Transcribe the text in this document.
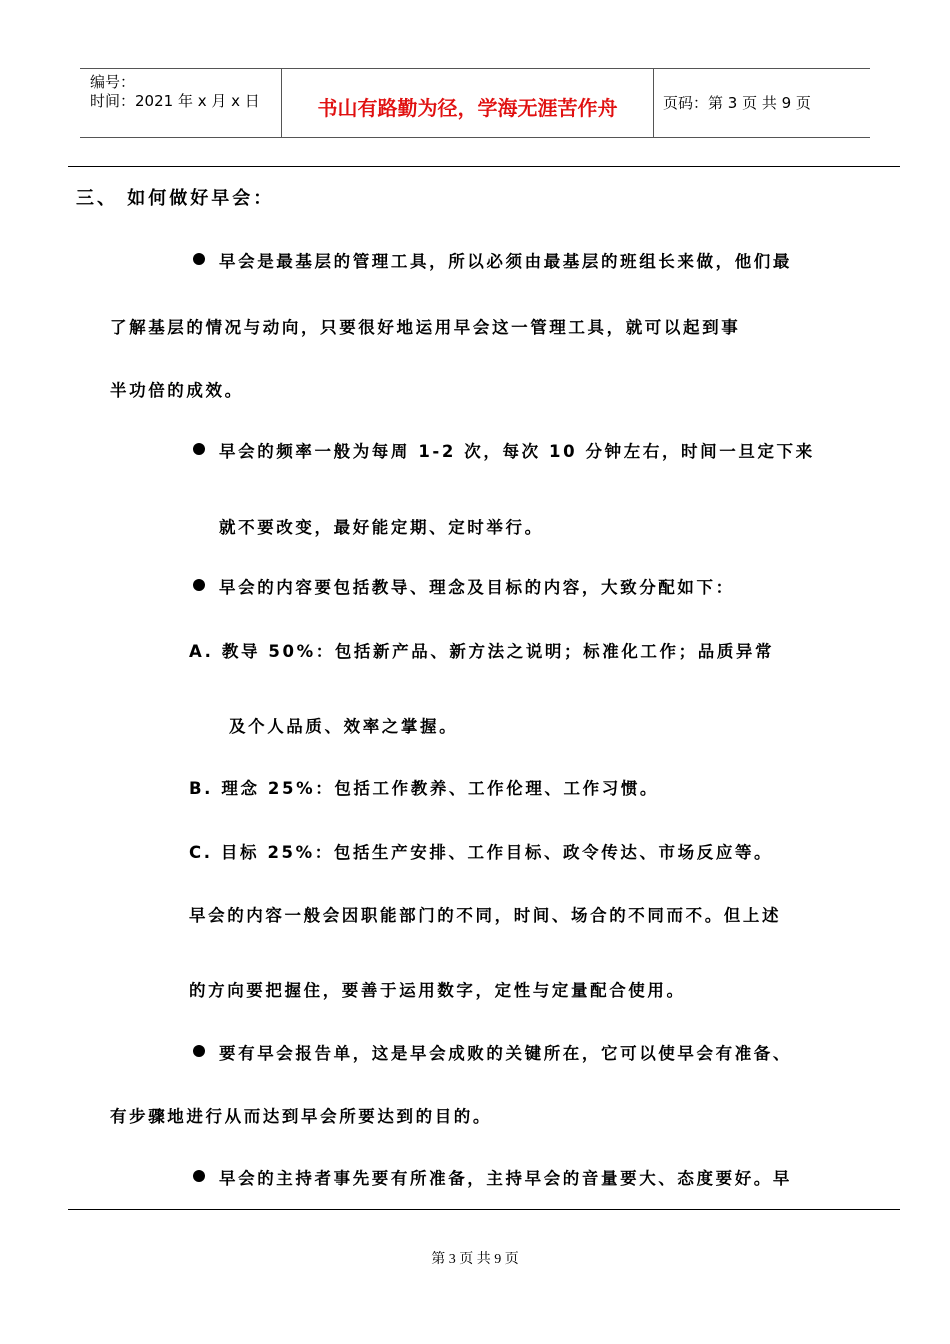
编号：
时间：2021 年 x 月 x 日	书山有路勤为径，学海无涯苦作舟	页码：第 3 页 共 9 页
三、 如何做好早会：
早会是最基层的管理工具，所以必须由最基层的班组长来做，他们最
了解基层的情况与动向，只要很好地运用早会这一管理工具，就可以起到事
半功倍的成效。
早会的频率一般为每周 1-2 次，每次 10 分钟左右，时间一旦定下来
就不要改变，最好能定期、定时举行。
早会的内容要包括教导、理念及目标的内容，大致分配如下：
A. 教导 50%：包括新产品、新方法之说明；标准化工作；品质异常
及个人品质、效率之掌握。
B. 理念 25%：包括工作教养、工作伦理、工作习惯。
C. 目标 25%：包括生产安排、工作目标、政令传达、市场反应等。
早会的内容一般会因职能部门的不同，时间、场合的不同而不。但上述
的方向要把握住，要善于运用数字，定性与定量配合使用。
要有早会报告单，这是早会成败的关键所在，它可以使早会有准备、
有步骤地进行从而达到早会所要达到的目的。
早会的主持者事先要有所准备，主持早会的音量要大、态度要好。早
第 3 页 共 9 页
